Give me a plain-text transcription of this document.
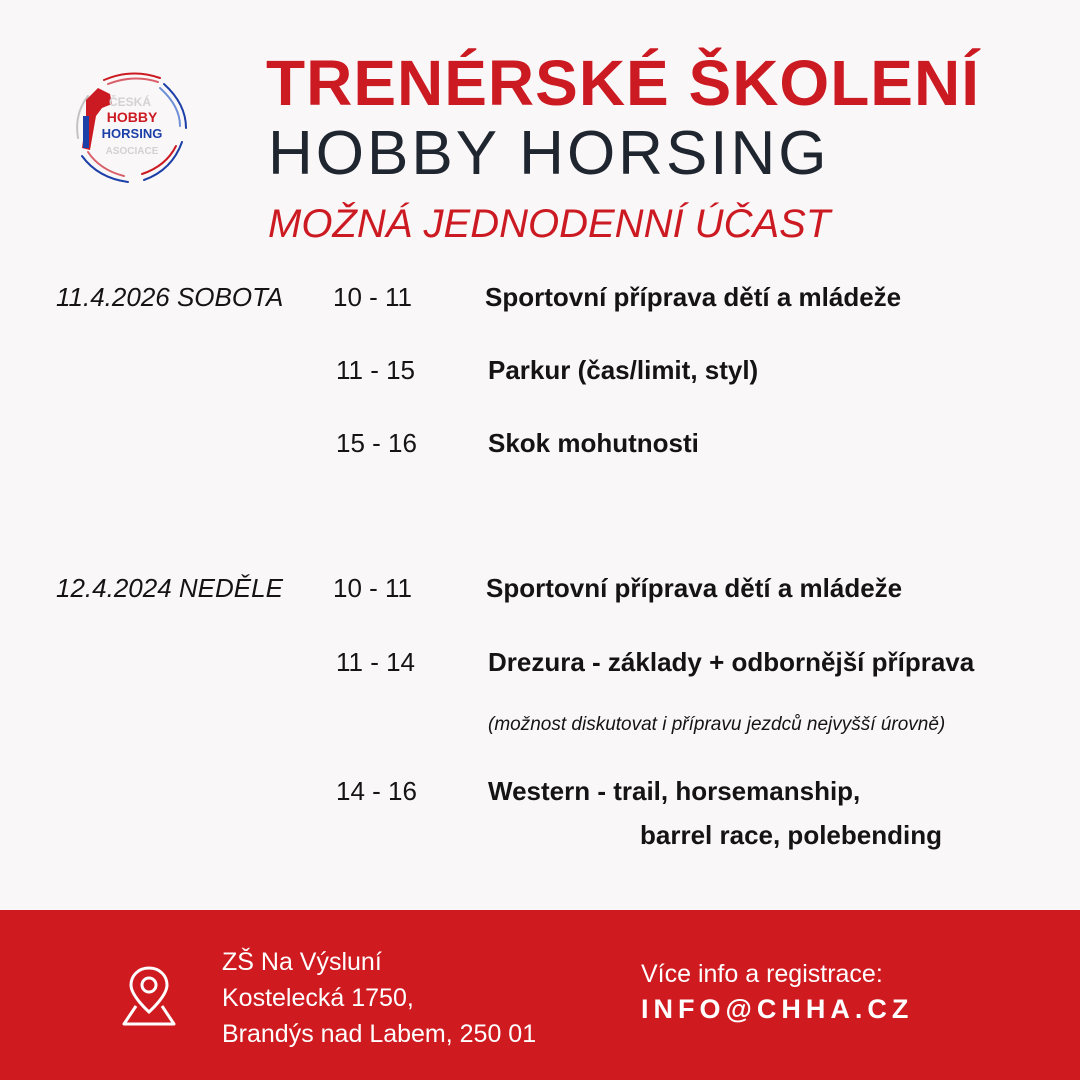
ČESKÁ
HOBBY
HORSING
ASOCIACE
TRENÉRSKÉ ŠKOLENÍ
HOBBY HORSING
MOŽNÁ JEDNODENNÍ ÚČAST
11.4.2026 SOBOTA 10 - 11	Sportovní příprava dětí a mládeže
11 - 15	Parkur (čas/limit, styl)
15 - 16	Skok mohutnosti
12.4.2024 NEDĚLE 10 - 11	Sportovní příprava dětí a mládeže
11 - 14	Drezura - základy + odbornější příprava
(možnost diskutovat i přípravu jezdců nejvyšší úrovně)
14 - 16	Western - trail, horsemanship,
barrel race, polebending
ZŠ Na Výsluní
Kostelecká 1750,
Brandýs nad Labem, 250 01
Více info a registrace:
INFO@CHHA.CZ
